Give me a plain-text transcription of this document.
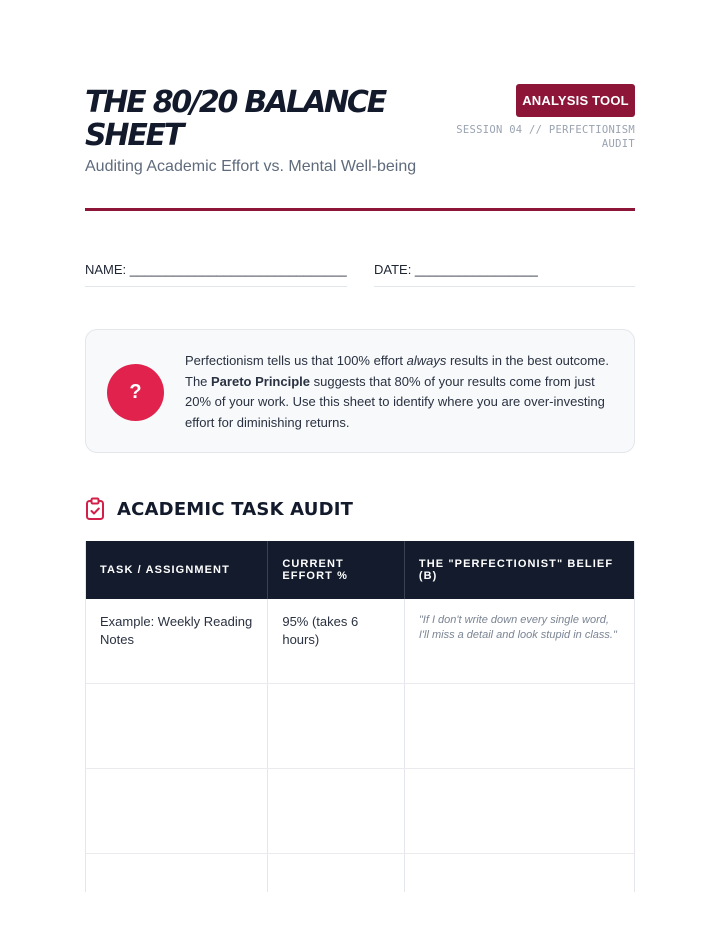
THE 80/20 BALANCE SHEET
Auditing Academic Effort vs. Mental Well-being
ANALYSIS TOOL
SESSION 04 // PERFECTIONISM AUDIT
NAME: ______________________________ DATE: _________________
?
Perfectionism tells us that 100% effort always results in the best outcome.
The Pareto Principle suggests that 80% of your results come from just 20% of your work. Use this sheet to identify where you are over-investing effort for diminishing returns.
ACADEMIC TASK AUDIT
TASK / ASSIGNMENT	CURRENT EFFORT %
THE "PERFECTIONIST" BELIEF (B)
Example: Weekly Reading Notes
95% (takes 6 hours)
"If I don't write down every single word, I'll miss a detail and look stupid in class."
